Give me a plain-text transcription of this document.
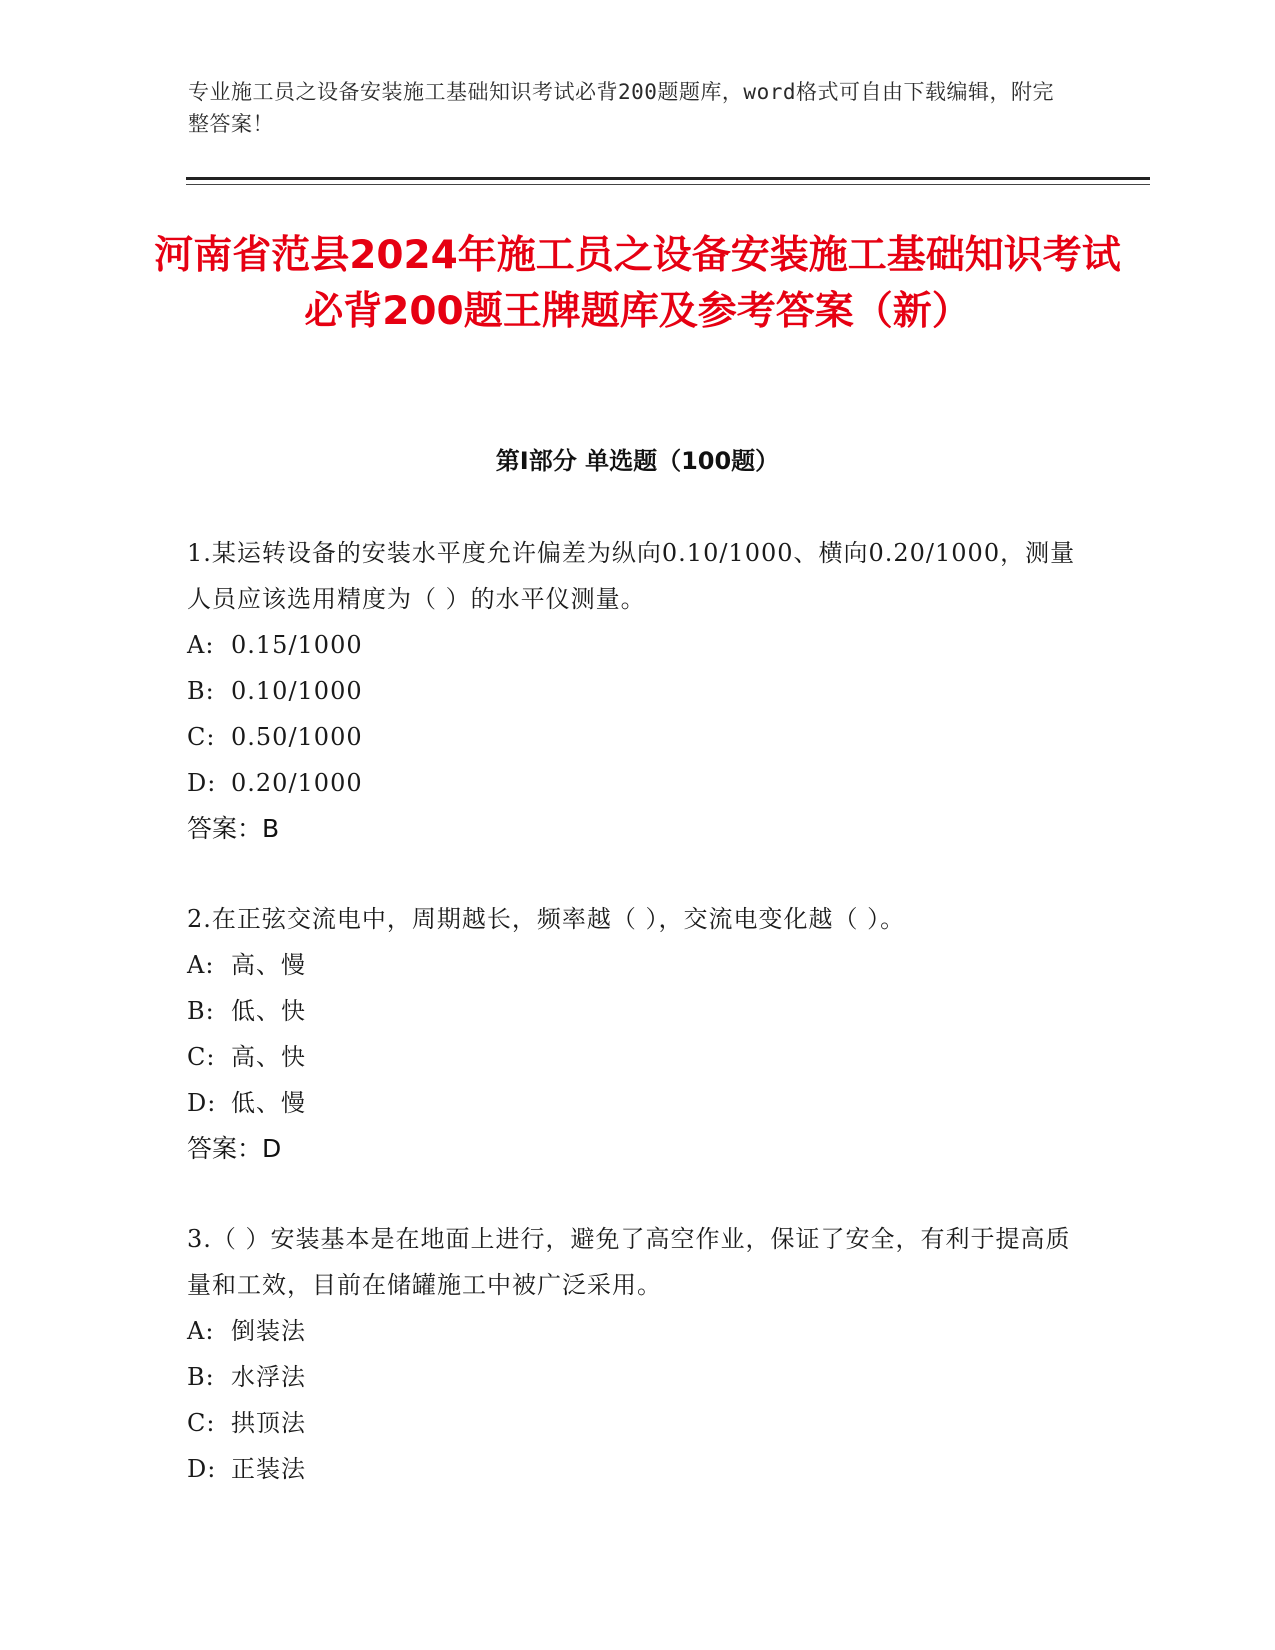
专业施工员之设备安装施工基础知识考试必背200题题库，word格式可自由下载编辑，附完整答案！
河南省范县2024年施工员之设备安装施工基础知识考试必背200题王牌题库及参考答案（新）
第Ⅰ部分 单选题（100题）
1.某运转设备的安装水平度允许偏差为纵向0.10/1000、横向0.20/1000，测量人员应该选用精度为（ ）的水平仪测量。
A: 0.15/1000
B: 0.10/1000
C: 0.50/1000
D: 0.20/1000
答案：B
2.在正弦交流电中，周期越长，频率越（ ），交流电变化越（ ）。
A: 高、慢
B: 低、快
C: 高、快
D: 低、慢
答案：D
3.（ ）安装基本是在地面上进行，避免了高空作业，保证了安全，有利于提高质量和工效，目前在储罐施工中被广泛采用。
A: 倒装法
B: 水浮法
C: 拱顶法
D: 正装法
